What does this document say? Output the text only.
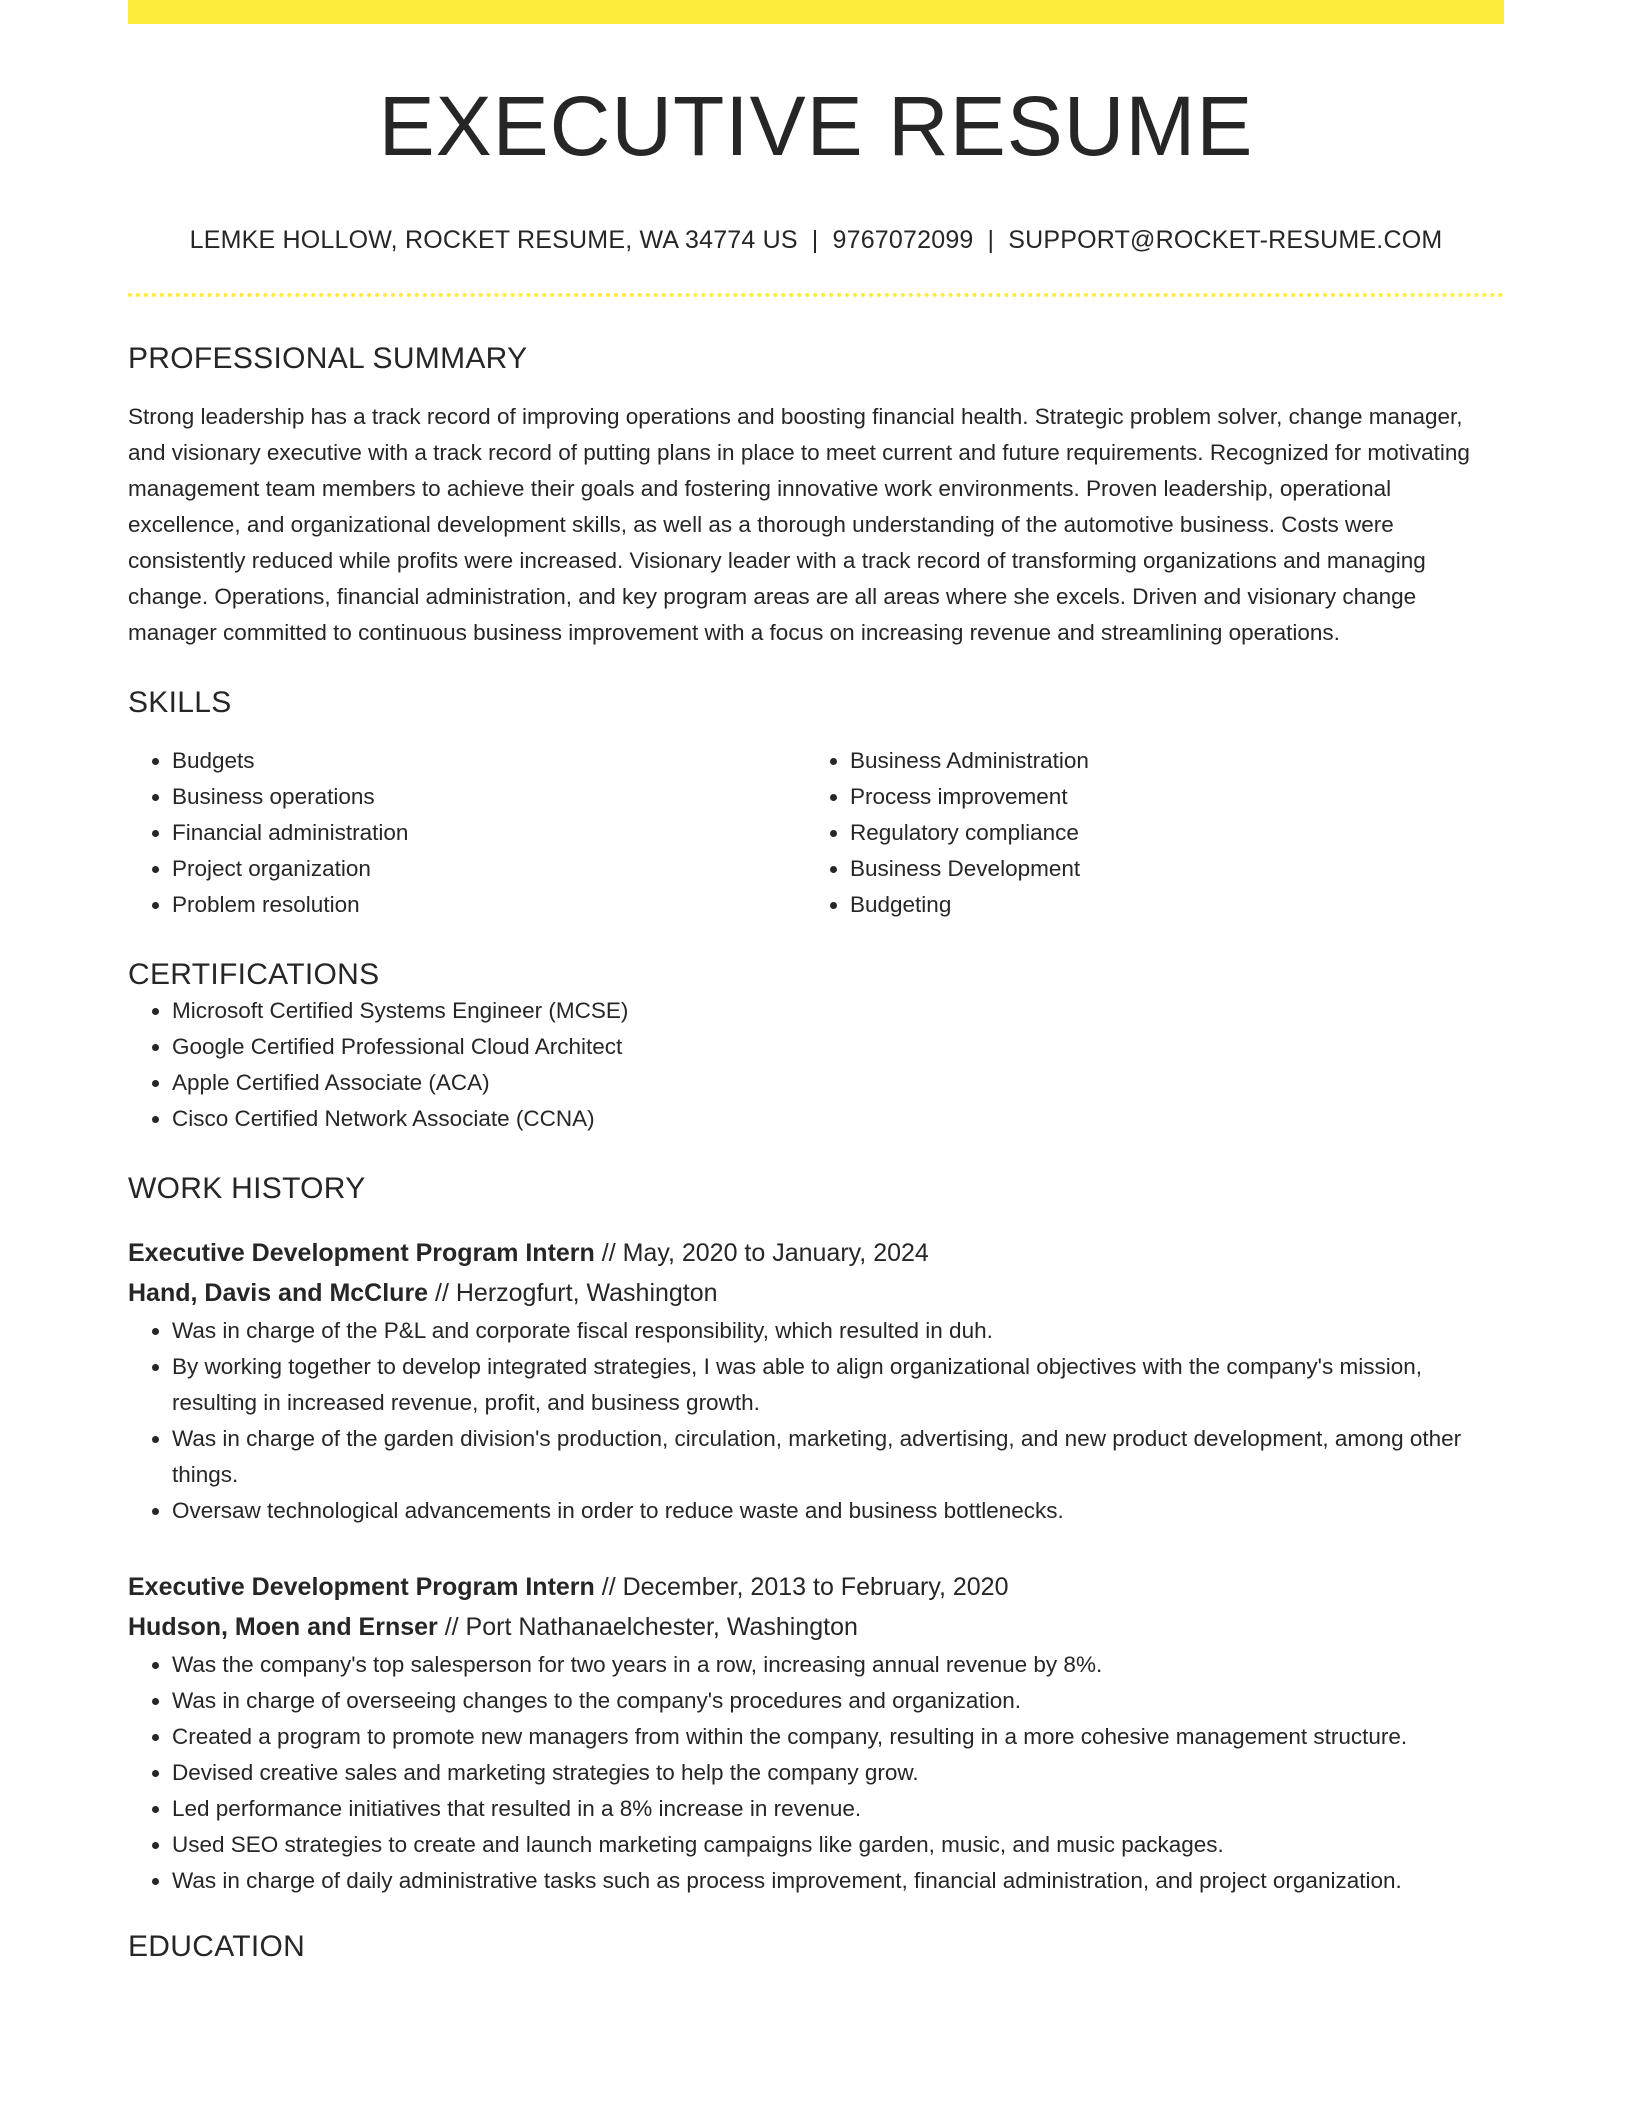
EXECUTIVE RESUME
LEMKE HOLLOW, ROCKET RESUME, WA 34774 US | 9767072099 | SUPPORT@ROCKET-RESUME.COM
PROFESSIONAL SUMMARY

Strong leadership has a track record of improving operations and boosting financial health. Strategic problem solver, change manager, and visionary executive with a track record of putting plans in place to meet current and future requirements. Recognized for motivating management team members to achieve their goals and fostering innovative work environments. Proven leadership, operational excellence, and organizational development skills, as well as a thorough understanding of the automotive business. Costs were consistently reduced while profits were increased. Visionary leader with a track record of transforming organizations and managing change. Operations, financial administration, and key program areas are all areas where she excels. Driven and visionary change manager committed to continuous business improvement with a focus on increasing revenue and streamlining operations.

SKILLS
• Budgets
• Business operations
• Financial administration
• Project organization
• Problem resolution
• Business Administration
• Process improvement
• Regulatory compliance
• Business Development
• Budgeting
CERTIFICATIONS
• Microsoft Certified Systems Engineer (MCSE)
• Google Certified Professional Cloud Architect
• Apple Certified Associate (ACA)
• Cisco Certified Network Associate (CCNA)
WORK HISTORY
Executive Development Program Intern // May, 2020 to January, 2024
Hand, Davis and McClure // Herzogfurt, Washington
• Was in charge of the P&L and corporate fiscal responsibility, which resulted in duh.
• By working together to develop integrated strategies, I was able to align organizational objectives with the company's mission, resulting in increased revenue, profit, and business growth.
• Was in charge of the garden division's production, circulation, marketing, advertising, and new product development, among other things.
• Oversaw technological advancements in order to reduce waste and business bottlenecks.
Executive Development Program Intern // December, 2013 to February, 2020
Hudson, Moen and Ernser // Port Nathanaelchester, Washington
• Was the company's top salesperson for two years in a row, increasing annual revenue by 8%.
• Was in charge of overseeing changes to the company's procedures and organization.
• Created a program to promote new managers from within the company, resulting in a more cohesive management structure.
• Devised creative sales and marketing strategies to help the company grow.
• Led performance initiatives that resulted in a 8% increase in revenue.
• Used SEO strategies to create and launch marketing campaigns like garden, music, and music packages.
• Was in charge of daily administrative tasks such as process improvement, financial administration, and project organization.
EDUCATION
